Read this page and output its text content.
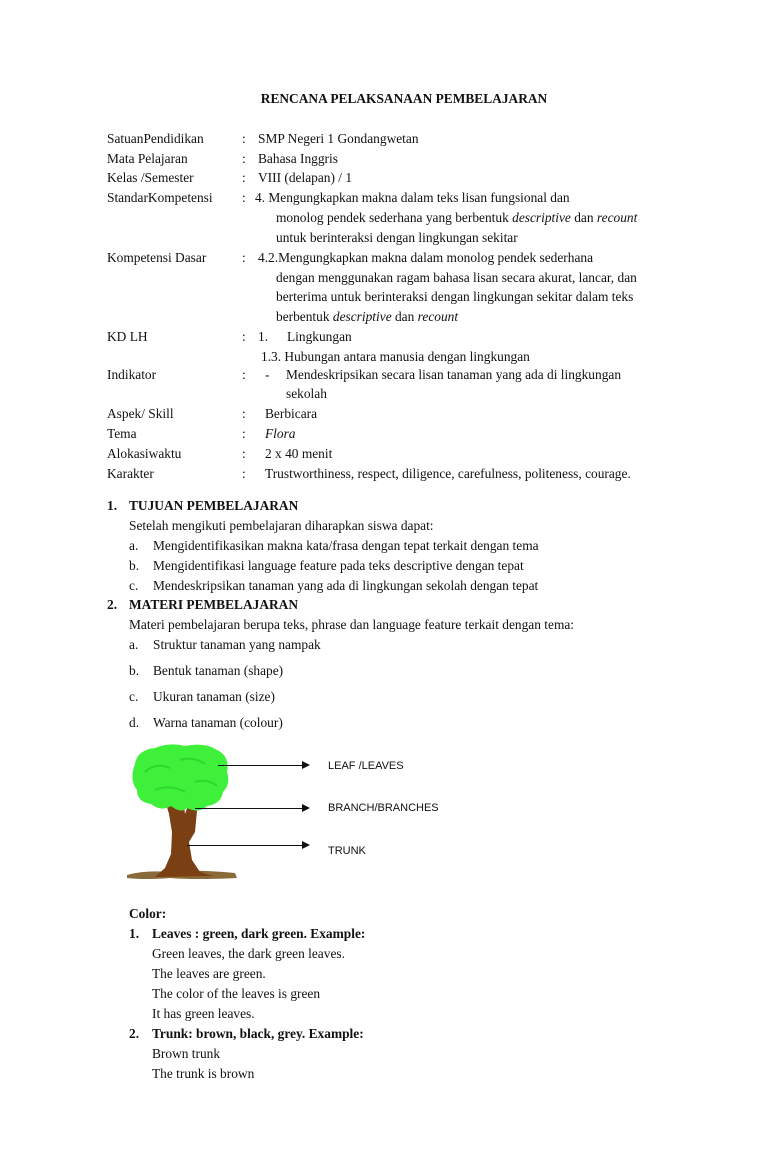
RENCANA PELAKSANAAN PEMBELAJARAN
SatuanPendidikan	: SMP Negeri 1 Gondangwetan
Mata Pelajaran	: Bahasa Inggris
Kelas /Semester	: VIII (delapan) / 1
StandarKompetensi : 4. Mengungkapkan makna dalam teks lisan fungsional dan
monolog pendek sederhana yang berbentuk descriptive dan recount
untuk berinteraksi dengan lingkungan sekitar
Kompetensi Dasar	: 4.2.Mengungkapkan makna dalam monolog pendek sederhana
dengan menggunakan ragam bahasa lisan secara akurat, lancar, dan
berterima untuk berinteraksi dengan lingkungan sekitar dalam teks
berbentuk descriptive dan recount
KD LH	: 1. Lingkungan
1.3. Hubungan antara manusia dengan lingkungan
Indikator	: - Mendeskripsikan secara lisan tanaman yang ada di lingkungan
sekolah
Aspek/ Skill	: Berbicara
Tema	: Flora
Alokasiwaktu	: 2 x 40 menit
Karakter	: Trustworthiness, respect, diligence, carefulness, politeness, courage.
1. TUJUAN PEMBELAJARAN
Setelah mengikuti pembelajaran diharapkan siswa dapat:
a. Mengidentifikasikan makna kata/frasa dengan tepat terkait dengan tema
b. Mengidentifikasi language feature pada teks descriptive dengan tepat
c. Mendeskripsikan tanaman yang ada di lingkungan sekolah dengan tepat
2. MATERI PEMBELAJARAN
Materi pembelajaran berupa teks, phrase dan language feature terkait dengan tema:
a. Struktur tanaman yang nampak
b. Bentuk tanaman (shape)
c. Ukuran tanaman (size)
d. Warna tanaman (colour)
LEAF /LEAVES
BRANCH/BRANCHES
TRUNK
Color:
1. Leaves : green, dark green. Example:
Green leaves, the dark green leaves.
The leaves are green.
The color of the leaves is green
It has green leaves.
2. Trunk: brown, black, grey. Example:
Brown trunk
The trunk is brown
